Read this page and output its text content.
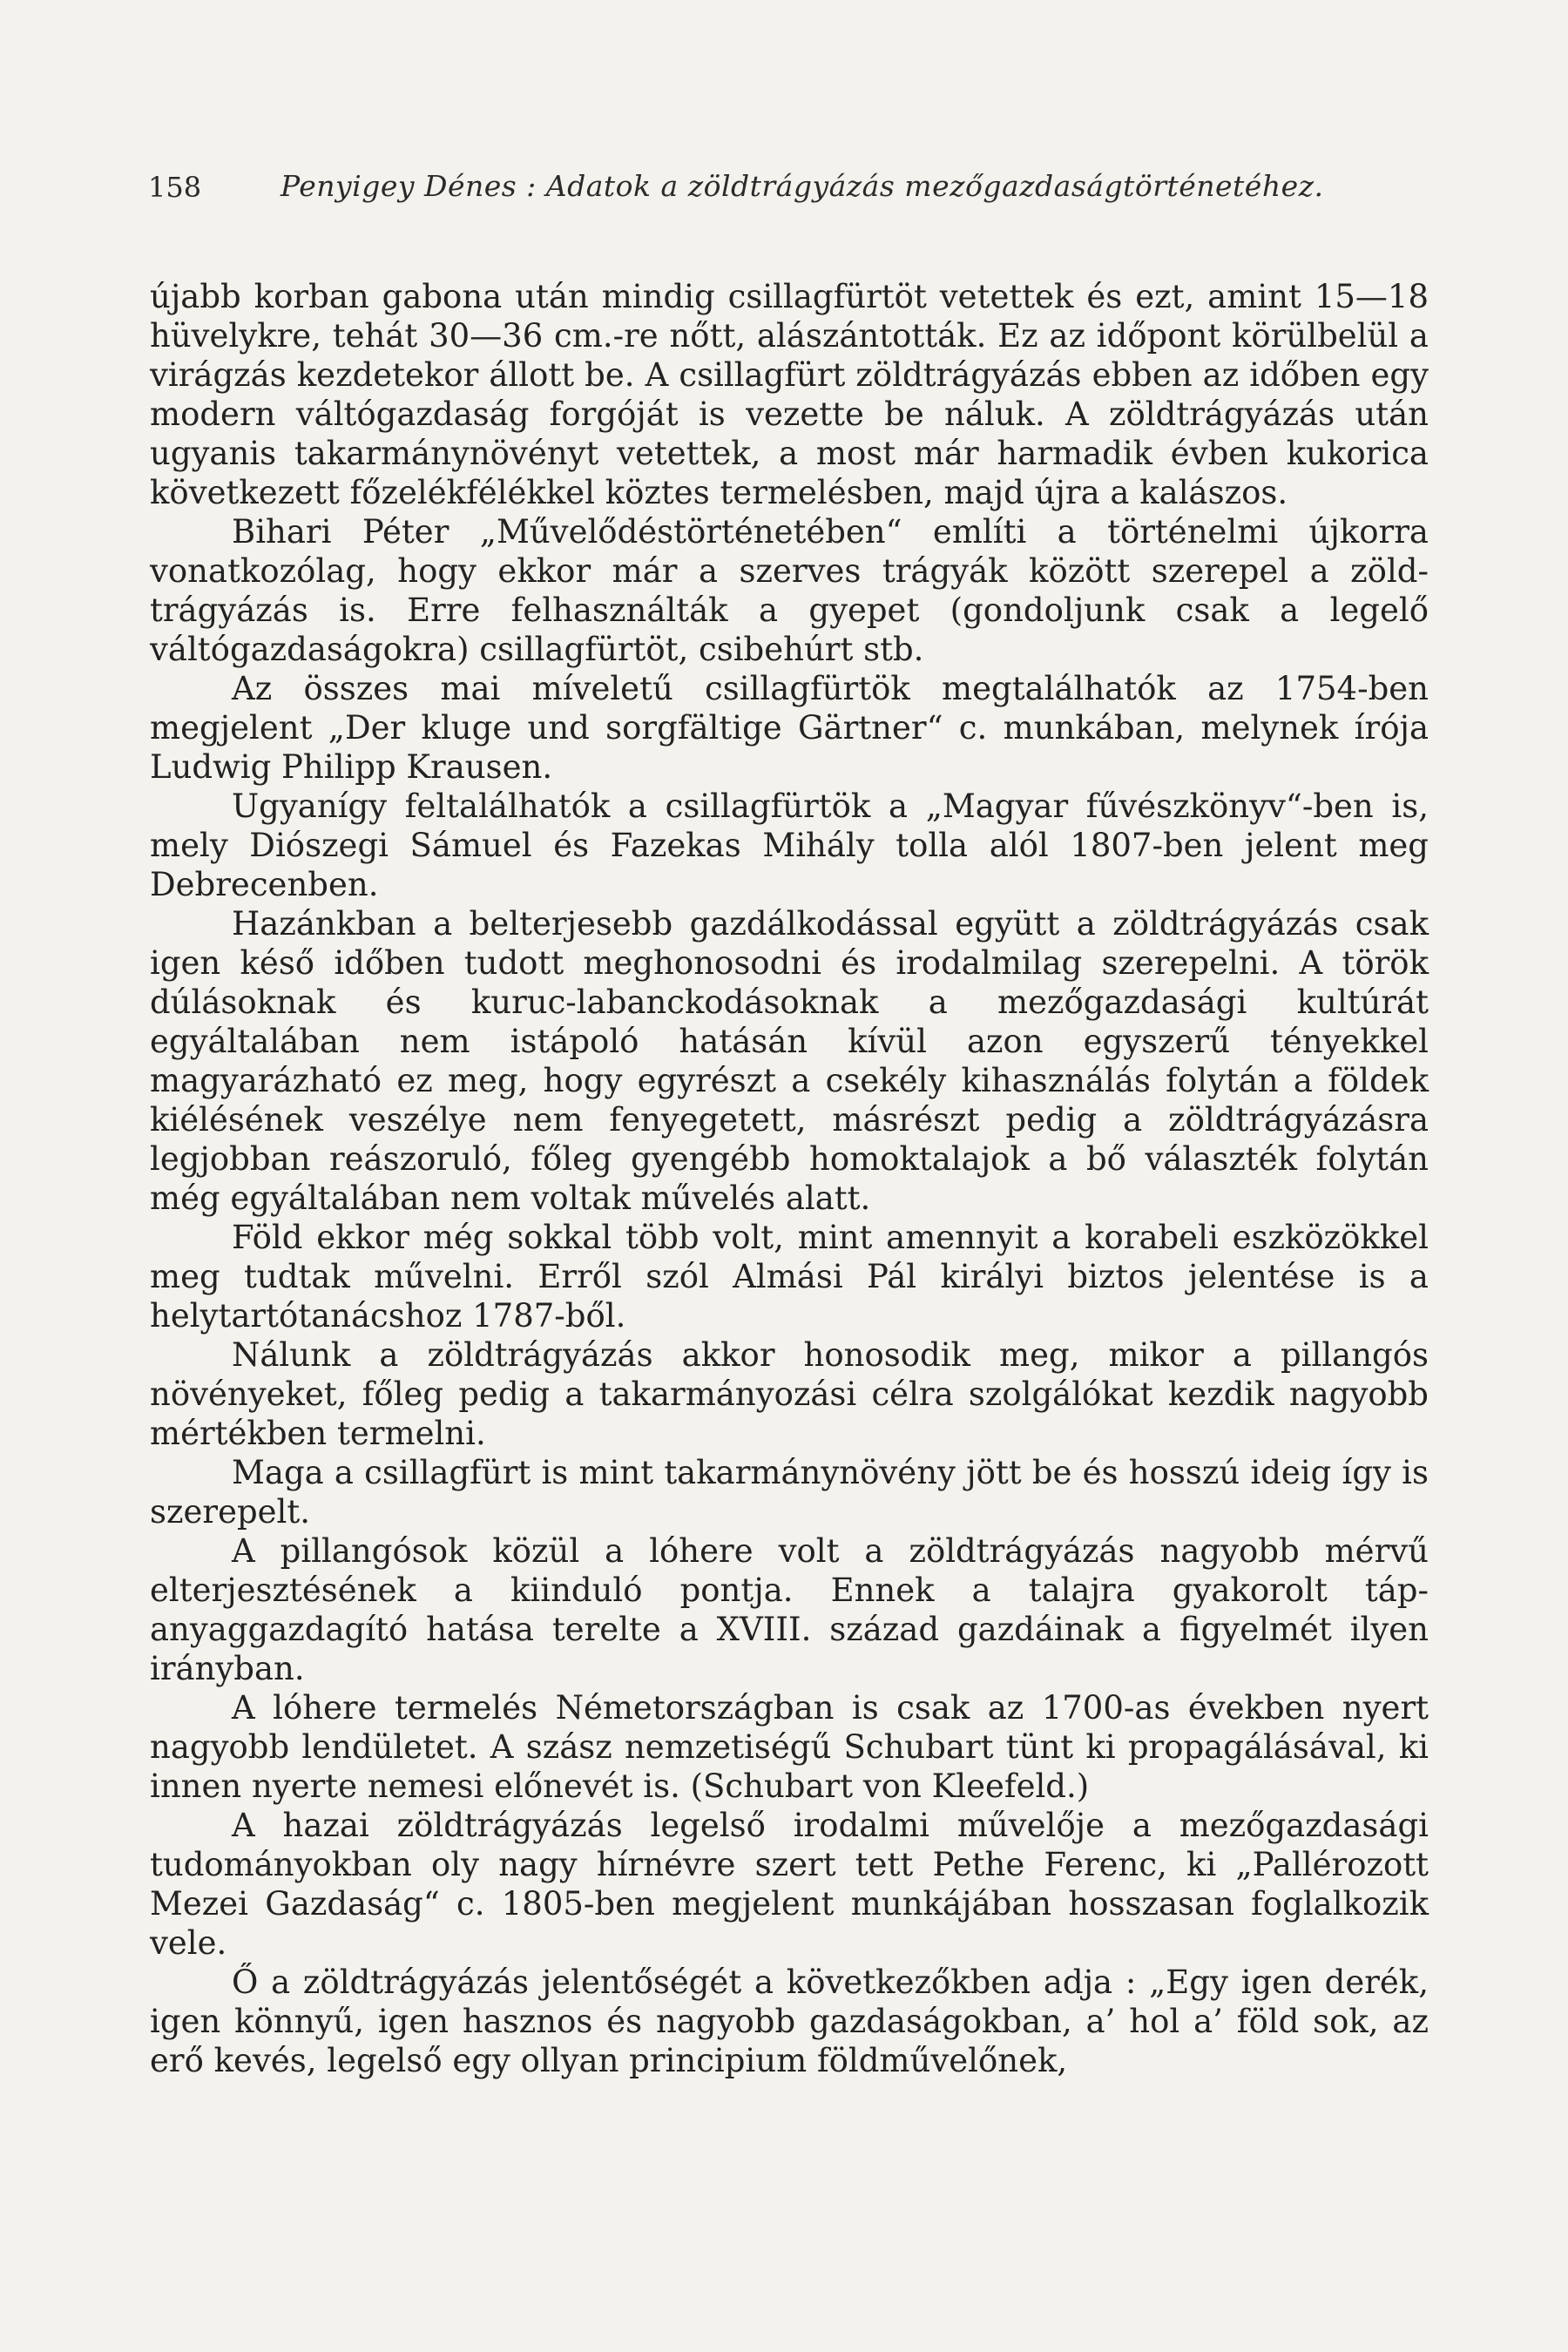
158	Penyigey Dénes : Adatok a zöldtrágyázás mezőgazdaságtörténetéhez.

újabb korban gabona után mindig csillagfürtöt vetettek és ezt, amint 15—18 hüvelykre, tehát 30—36 cm.-re nőtt, alászántották. Ez az időpont körülbelül a virágzás kezdetekor állott be. A csillagfürt zöldtrágyázás ebben az időben egy modern váltógazdaság forgóját is vezette be náluk. A zöldtrágyázás után ugyanis takarmánynövényt vetettek, a most már harmadik évben kukorica következett főzelékfélékkel köztes termelésben, majd újra a kalászos.

Bihari Péter „Művelődéstörténetében“ említi a történelmi újkorra vonatkozólag, hogy ekkor már a szerves trágyák között szerepel a zöldtrágyázás is. Erre felhasználták a gyepet (gondoljunk csak a legelő váltógazdaságokra) csillagfürtöt, csibehúrt stb.

Az összes mai míveletű csillagfürtök megtalálhatók az 1754-ben megjelent „Der kluge und sorgfältige Gärtner“ c. munkában, melynek írója Ludwig Philipp Krausen.

Ugyanígy feltalálhatók a csillagfürtök a „Magyar fűvészkönyv“-ben is, mely Diószegi Sámuel és Fazekas Mihály tolla alól 1807-ben jelent meg Debrecenben.

Hazánkban a belterjesebb gazdálkodással együtt a zöldtrágyázás csak igen késő időben tudott meghonosodni és irodalmilag szerepelni. A török dúlásoknak és kuruc-labanckodásoknak a mezőgazdasági kultúrát egyáltalában nem istápoló hatásán kívül azon egyszerű tényekkel magyarázható ez meg, hogy egyrészt a csekély kihasználás folytán a földek kiélésének veszélye nem fenyegetett, másrészt pedig a zöldtrágyázásra legjobban reászoruló, főleg gyengébb homoktalajok a bő választék folytán még egyáltalában nem voltak művelés alatt.

Föld ekkor még sokkal több volt, mint amennyit a korabeli eszközökkel meg tudtak művelni. Erről szól Almási Pál királyi biztos jelentése is a helytartótanácshoz 1787-ből.

Nálunk a zöldtrágyázás akkor honosodik meg, mikor a pillangós növényeket, főleg pedig a takarmányozási célra szolgálókat kezdik nagyobb mértékben termelni.

Maga a csillagfürt is mint takarmánynövény jött be és hosszú ideig így is szerepelt.

A pillangósok közül a lóhere volt a zöldtrágyázás nagyobb mérvű elterjesztésének a kiinduló pontja. Ennek a talajra gyakorolt tápanyaggazdagító hatása terelte a XVIII. század gazdáinak a figyelmét ilyen irányban.

A lóhere termelés Németországban is csak az 1700-as években nyert nagyobb lendületet. A szász nemzetiségű Schubart tünt ki propagálásával, ki innen nyerte nemesi előnevét is. (Schubart von Kleefeld.)

A hazai zöldtrágyázás legelső irodalmi művelője a mezőgazdasági tudományokban oly nagy hírnévre szert tett Pethe Ferenc, ki „Pallérozott Mezei Gazdaság“ c. 1805-ben megjelent munkájában hosszasan foglalkozik vele.

Ő a zöldtrágyázás jelentőségét a következőkben adja : „Egy igen derék, igen könnyű, igen hasznos és nagyobb gazdaságokban, a’ hol a’ föld sok, az erő kevés, legelső egy ollyan principium földművelőnek,
